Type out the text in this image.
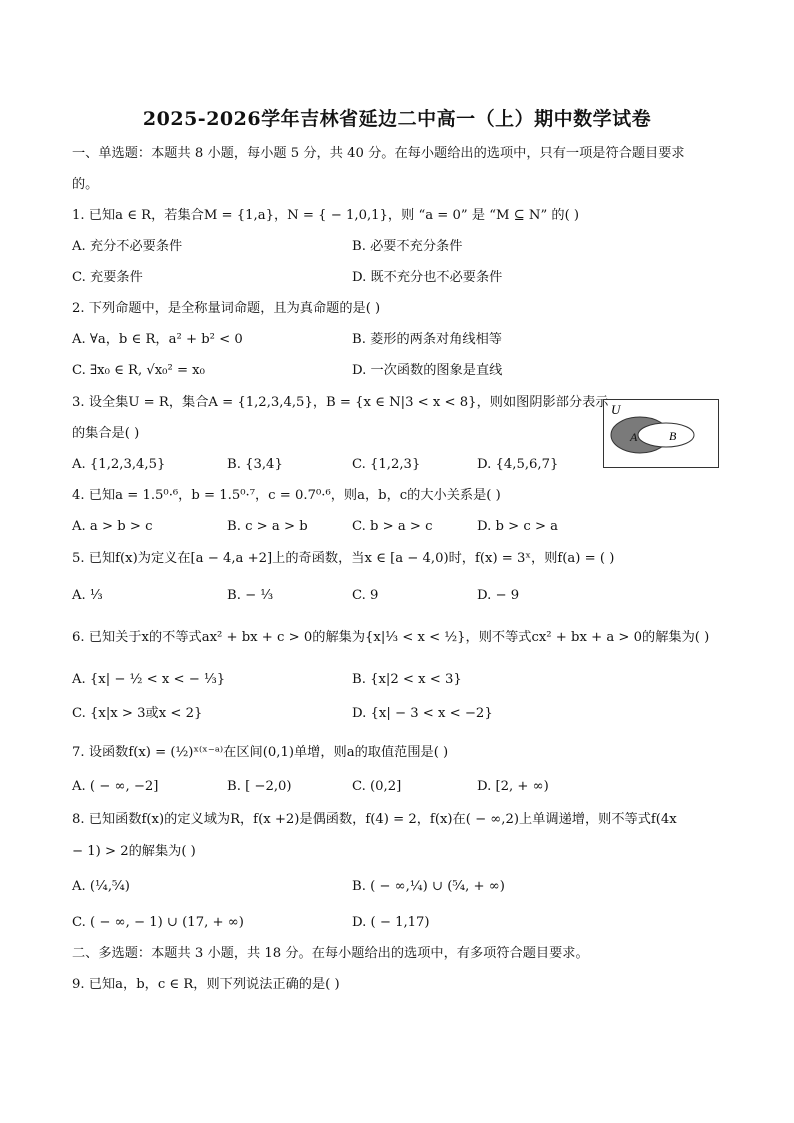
2025-2026学年吉林省延边二中高一（上）期中数学试卷
一、单选题：本题共 8 小题，每小题 5 分，共 40 分。在每小题给出的选项中，只有一项是符合题目要求
的。
1. 已知a ∈ R，若集合M = {1,a}，N = { − 1,0,1}，则 “a = 0” 是 “M ⊆ N” 的( )
A. 充分不必要条件	B. 必要不充分条件
C. 充要条件	D. 既不充分也不必要条件
2. 下列命题中，是全称量词命题，且为真命题的是( )
A. ∀a，b ∈ R，a² + b² < 0	B. 菱形的两条对角线相等
C. ∃x₀ ∈ R, √x₀² = x₀	D. 一次函数的图象是直线
3. 设全集U = R，集合A = {1,2,3,4,5}，B = {x ∈ N|3 < x < 8}，则如图阴影部分表示
的集合是( )
U
A	B
A. {1,2,3,4,5}	B. {3,4}	C. {1,2,3}	D. {4,5,6,7}
4. 已知a = 1.5⁰·⁶，b = 1.5⁰·⁷，c = 0.7⁰·⁶，则a，b，c的大小关系是( )
A. a > b > c	B. c > a > b	C. b > a > c	D. b > c > a
5. 已知f(x)为定义在[a − 4,a +2]上的奇函数，当x ∈ [a − 4,0)时，f(x) = 3ˣ，则f(a) = ( )
A. ⅓	B. − ⅓	C. 9	D. − 9
6. 已知关于x的不等式ax² + bx + c > 0的解集为{x|⅓ < x < ½}，则不等式cx² + bx + a > 0的解集为( )
A. {x| − ½ < x < − ⅓}	B. {x|2 < x < 3}
C. {x|x > 3或x < 2}	D. {x| − 3 < x < −2}
7. 设函数f(x) = (½)ˣ⁽ˣ⁻ᵃ⁾在区间(0,1)单增，则a的取值范围是( )
A. ( − ∞, −2]	B. [ −2,0)	C. (0,2]	D. [2, + ∞)
8. 已知函数f(x)的定义域为R，f(x +2)是偶函数，f(4) = 2，f(x)在( − ∞,2)上单调递增，则不等式f(4x
− 1) > 2的解集为( )
A. (¹⁄₄,⁵⁄₄)	B. ( − ∞,¼) ∪ (⁵⁄₄, + ∞)
C. ( − ∞, − 1) ∪ (17, + ∞)	D. ( − 1,17)
二、多选题：本题共 3 小题，共 18 分。在每小题给出的选项中，有多项符合题目要求。
9. 已知a，b，c ∈ R，则下列说法正确的是( )
